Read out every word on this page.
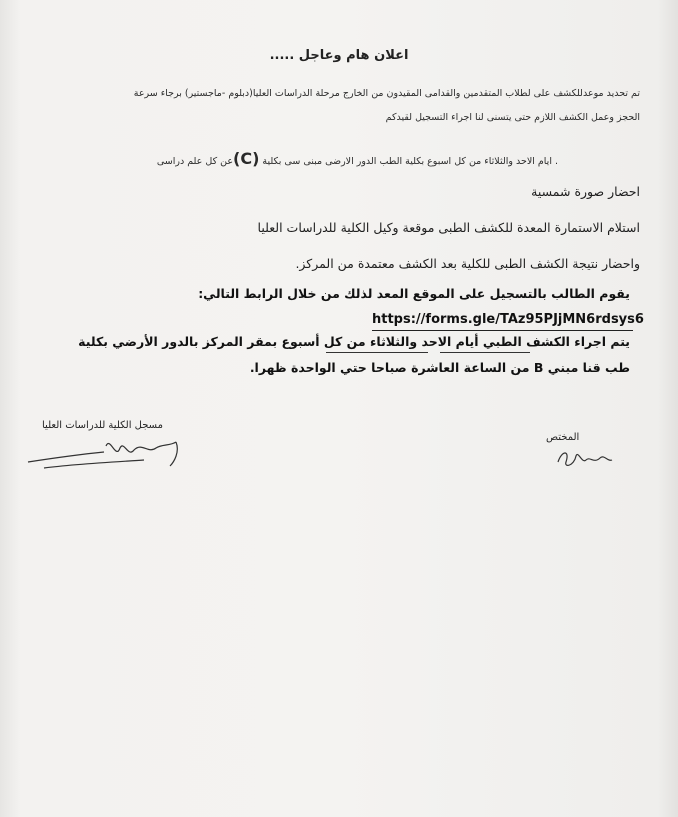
اعلان هام وعاجل .....
تم تحديد موعدللكشف على لطلاب المتقدمين والقدامى المقيدون من الخارج مرحلة الدراسات العليا(دبلوم -ماجستير) برجاء سرعة
الحجز وعمل الكشف اللازم حتى يتسنى لنا اجراء التسجيل لقيدكم
. ايام الاحد والثلاثاء من كل اسبوع بكلية الطب الدور الارضى مبنى سى بكلية (C)عن كل علم دراسى
احضار صورة شمسية
استلام الاستمارة المعدة للكشف الطبى موقعة وكيل الكلية للدراسات العليا
واحضار نتيجة الكشف الطبى للكلية بعد الكشف معتمدة من المركز.
يقوم الطالب بالتسجيل على الموقع المعد لذلك من خلال الرابط التالي:
https://forms.gle/TAz95PJjMN6rdsys6
يتم اجراء الكشف الطبي أيام الاحد والثلاثاء من كل أسبوع بمقر المركز بالدور الأرضي بكلية
طب قنا مبني B من الساعة العاشرة صباحا حتي الواحدة ظهرا.
مسجل الكلية للدراسات العليا
المختص
